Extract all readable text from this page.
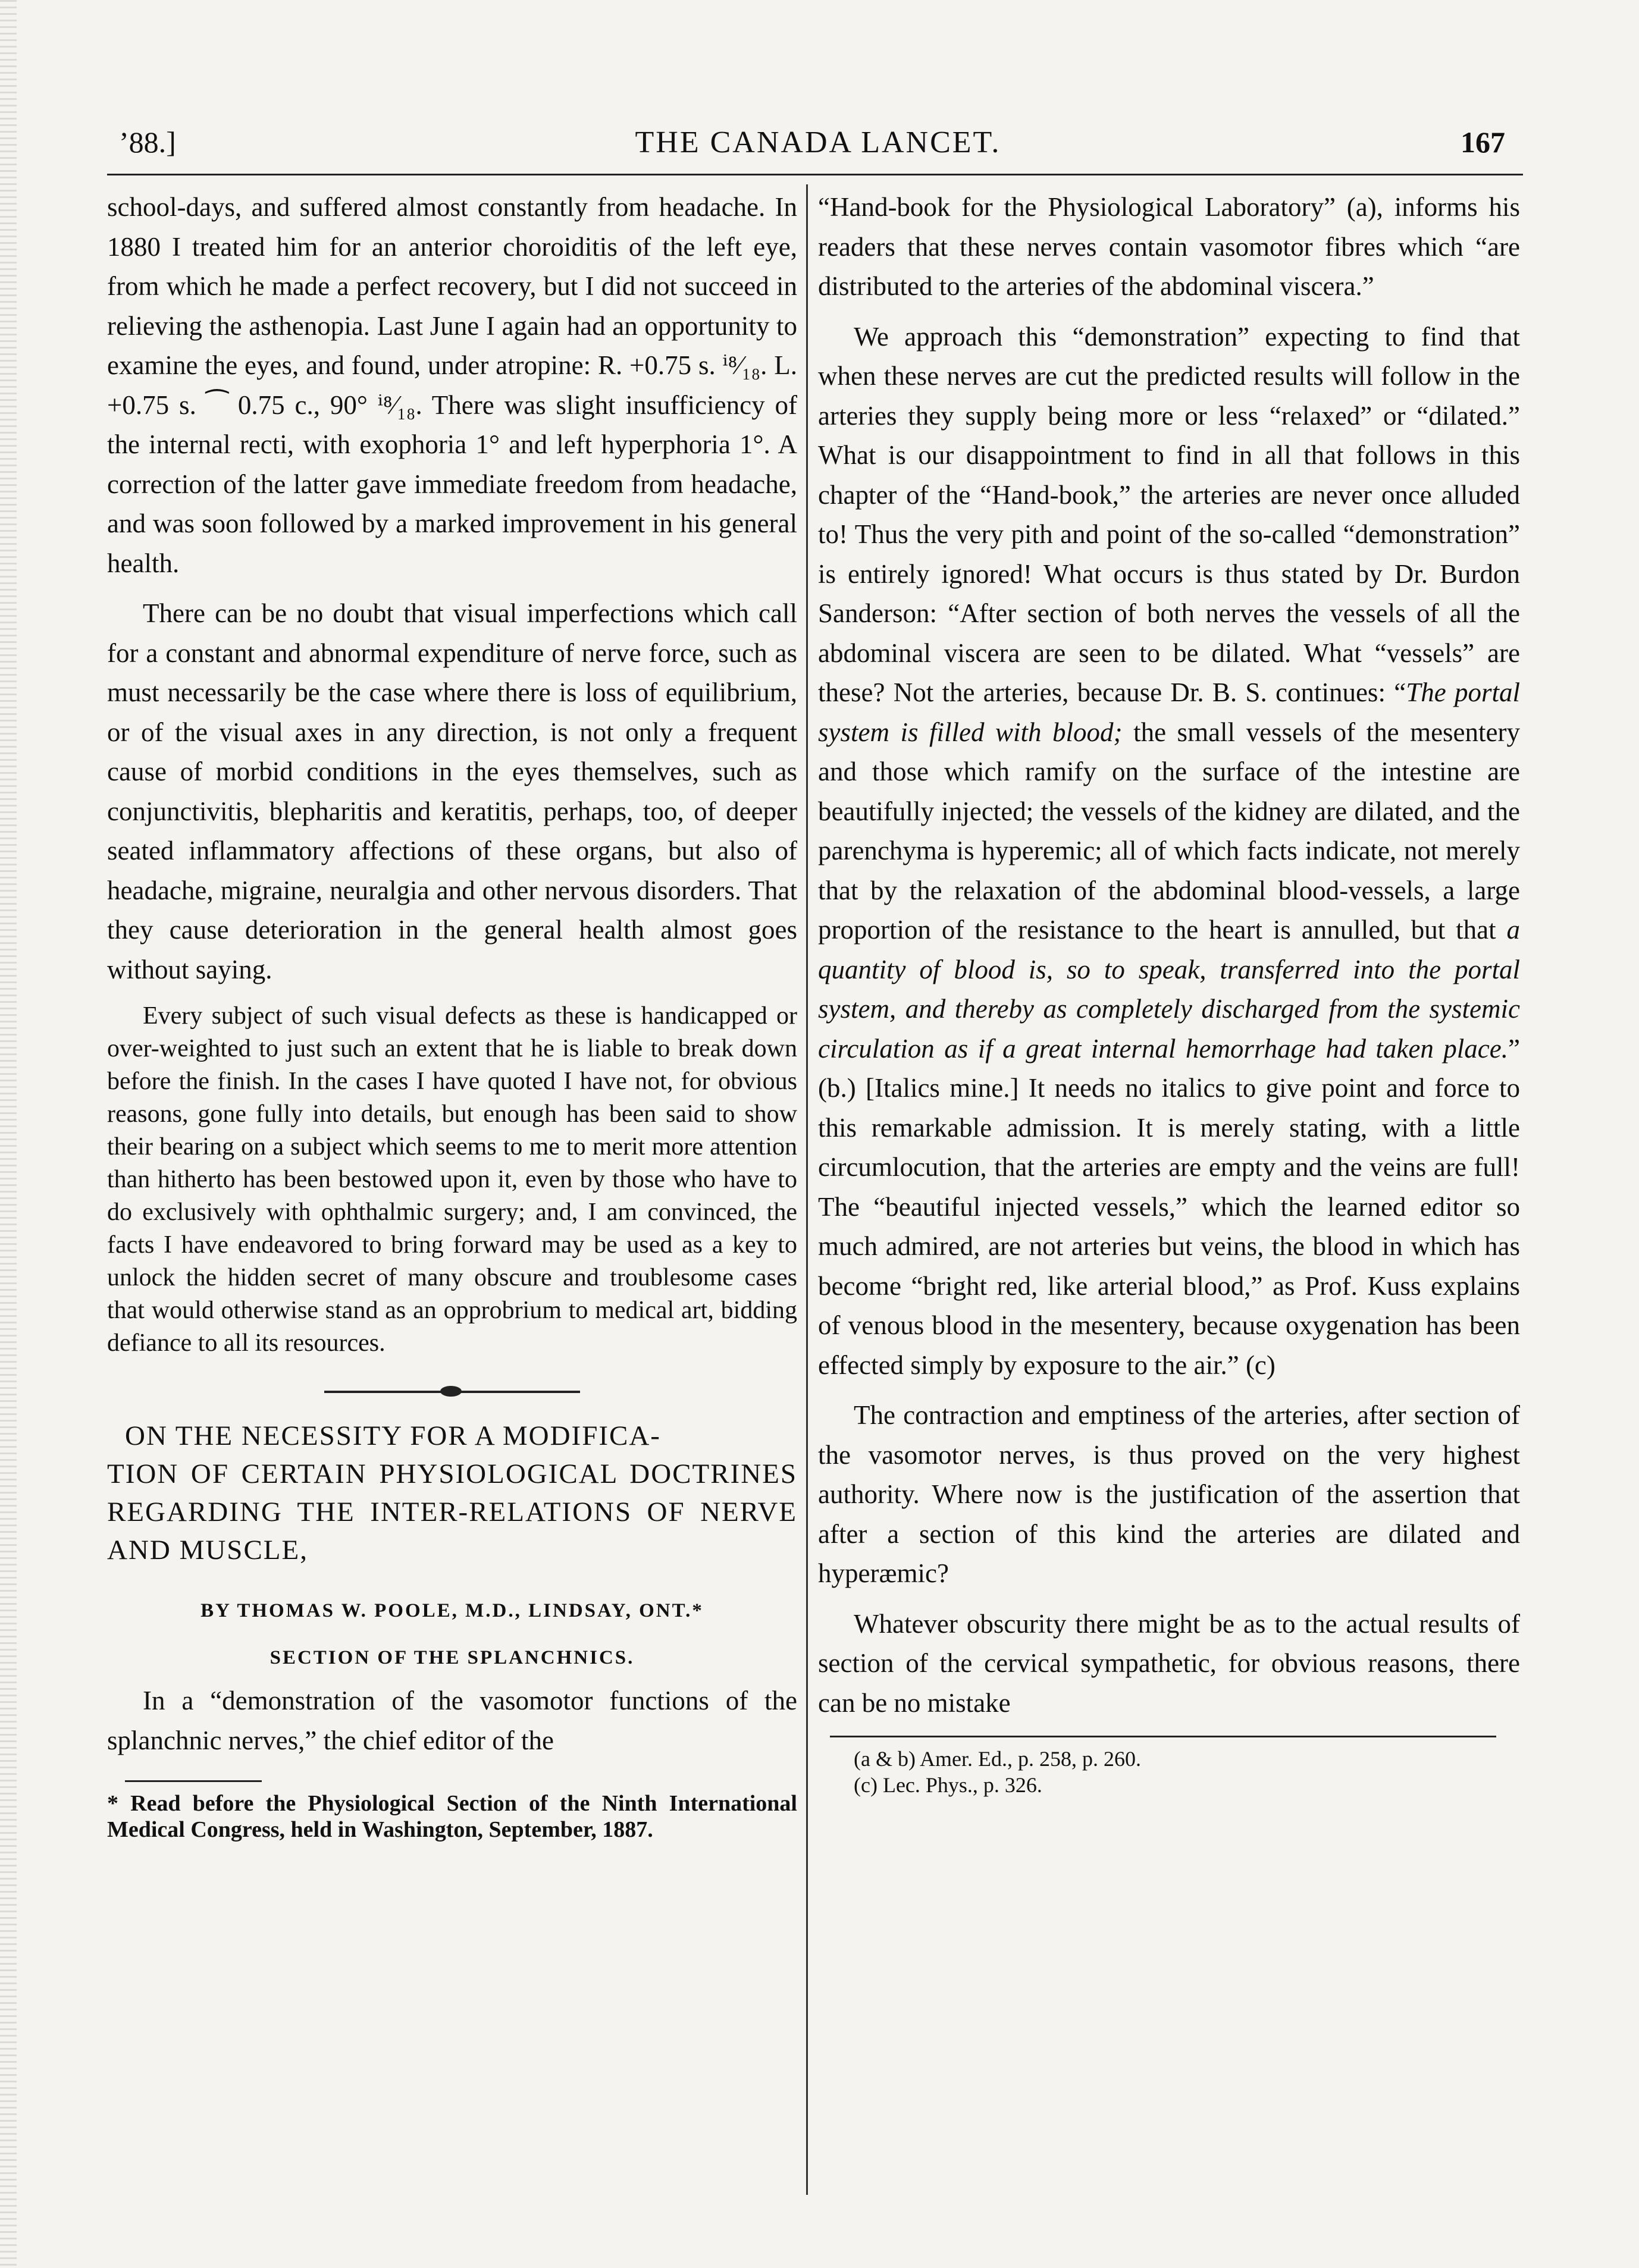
’88.]	THE CANADA LANCET.	167

school-days, and suffered almost constantly from headache. In 1880 I treated him for an anterior choroiditis of the left eye, from which he made a perfect recovery, but I did not succeed in relieving the asthenopia. Last June I again had an opportunity to examine the eyes, and found, under atropine: R. +0.75 s. ⁱ⁸⁄₁₈. L. +0.75 s. ⁀ 0.75 c., 90° ⁱ⁸⁄₁₈. There was slight insufficiency of the internal recti, with exophoria 1° and left hyperphoria 1°. A correction of the latter gave immediate freedom from headache, and was soon followed by a marked improvement in his general health.

There can be no doubt that visual imperfections which call for a constant and abnormal expenditure of nerve force, such as must necessarily be the case where there is loss of equilibrium, or of the visual axes in any direction, is not only a frequent cause of morbid conditions in the eyes themselves, such as conjunctivitis, blepharitis and keratitis, perhaps, too, of deeper seated inflammatory affections of these organs, but also of headache, migraine, neuralgia and other nervous disorders. That they cause deterioration in the general health almost goes without saying.

Every subject of such visual defects as these is handicapped or over-weighted to just such an extent that he is liable to break down before the finish. In the cases I have quoted I have not, for obvious reasons, gone fully into details, but enough has been said to show their bearing on a subject which seems to me to merit more attention than hitherto has been bestowed upon it, even by those who have to do exclusively with ophthalmic surgery; and, I am convinced, the facts I have endeavored to bring forward may be used as a key to unlock the hidden secret of many obscure and troublesome cases that would otherwise stand as an opprobrium to medical art, bidding defiance to all its resources.

ON THE NECESSITY FOR A MODIFICA-
TION OF CERTAIN PHYSIOLOGICAL DOCTRINES REGARDING THE INTER-RELATIONS OF NERVE AND MUSCLE,

BY THOMAS W. POOLE, M.D., LINDSAY, ONT.*
SECTION OF THE SPLANCHNICS.

In a “demonstration of the vasomotor functions of the splanchnic nerves,” the chief editor of the

* Read before the Physiological Section of the Ninth International Medical Congress, held in Washington, September, 1887.

“Hand-book for the Physiological Laboratory” (a), informs his readers that these nerves contain vasomotor fibres which “are distributed to the arteries of the abdominal viscera.”

We approach this “demonstration” expecting to find that when these nerves are cut the predicted results will follow in the arteries they supply being more or less “relaxed” or “dilated.” What is our disappointment to find in all that follows in this chapter of the “Hand-book,” the arteries are never once alluded to! Thus the very pith and point of the so-called “demonstration” is entirely ignored! What occurs is thus stated by Dr. Burdon Sanderson: “After section of both nerves the vessels of all the abdominal viscera are seen to be dilated. What “vessels” are these? Not the arteries, because Dr. B. S. continues: “The portal system is filled with blood; the small vessels of the mesentery and those which ramify on the surface of the intestine are beautifully injected; the vessels of the kidney are dilated, and the parenchyma is hyperemic; all of which facts indicate, not merely that by the relaxation of the abdominal blood-vessels, a large proportion of the resistance to the heart is annulled, but that a quantity of blood is, so to speak, transferred into the portal system, and thereby as completely discharged from the systemic circulation as if a great internal hemorrhage had taken place.” (b.) [Italics mine.] It needs no italics to give point and force to this remarkable admission. It is merely stating, with a little circumlocution, that the arteries are empty and the veins are full! The “beautiful injected vessels,” which the learned editor so much admired, are not arteries but veins, the blood in which has become “bright red, like arterial blood,” as Prof. Kuss explains of venous blood in the mesentery, because oxygenation has been effected simply by exposure to the air.” (c)

The contraction and emptiness of the arteries, after section of the vasomotor nerves, is thus proved on the very highest authority. Where now is the justification of the assertion that after a section of this kind the arteries are dilated and hyperæmic?

Whatever obscurity there might be as to the actual results of section of the cervical sympathetic, for obvious reasons, there can be no mistake

(a & b) Amer. Ed., p. 258, p. 260.

(c) Lec. Phys., p. 326.
